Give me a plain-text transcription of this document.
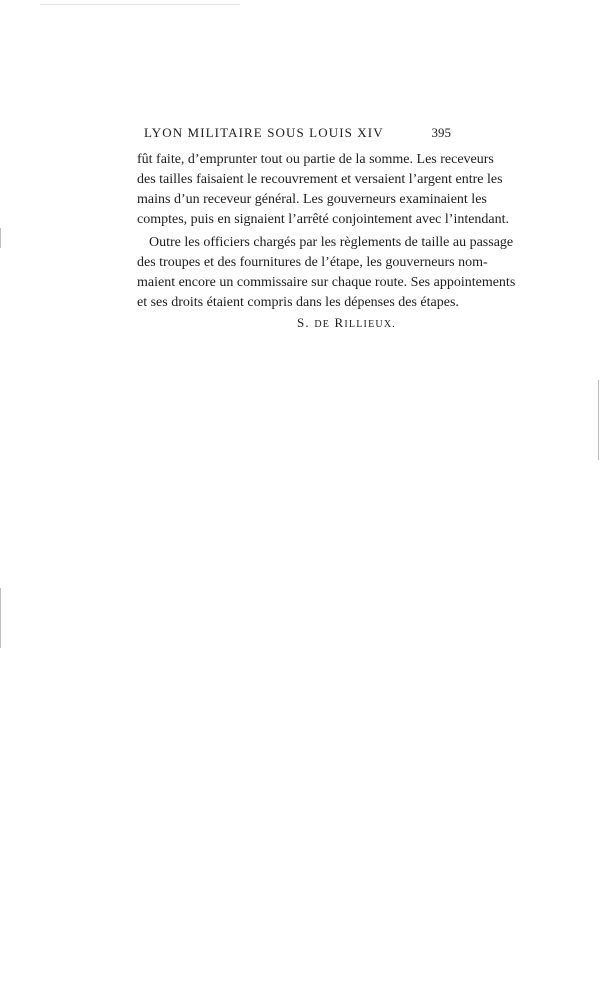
LYON MILITAIRE SOUS LOUIS XIV	395
fût faite, d’emprunter tout ou partie de la somme. Les receveurs
des tailles faisaient le recouvrement et versaient l’argent entre les
mains d’un receveur général. Les gouverneurs examinaient les
comptes, puis en signaient l’arrêté conjointement avec l’intendant.
Outre les officiers chargés par les règlements de taille au passage
des troupes et des fournitures de l’étape, les gouverneurs nom-
maient encore un commissaire sur chaque route. Ses appointements
et ses droits étaient compris dans les dépenses des étapes.
S. DE RILLIEUX.
